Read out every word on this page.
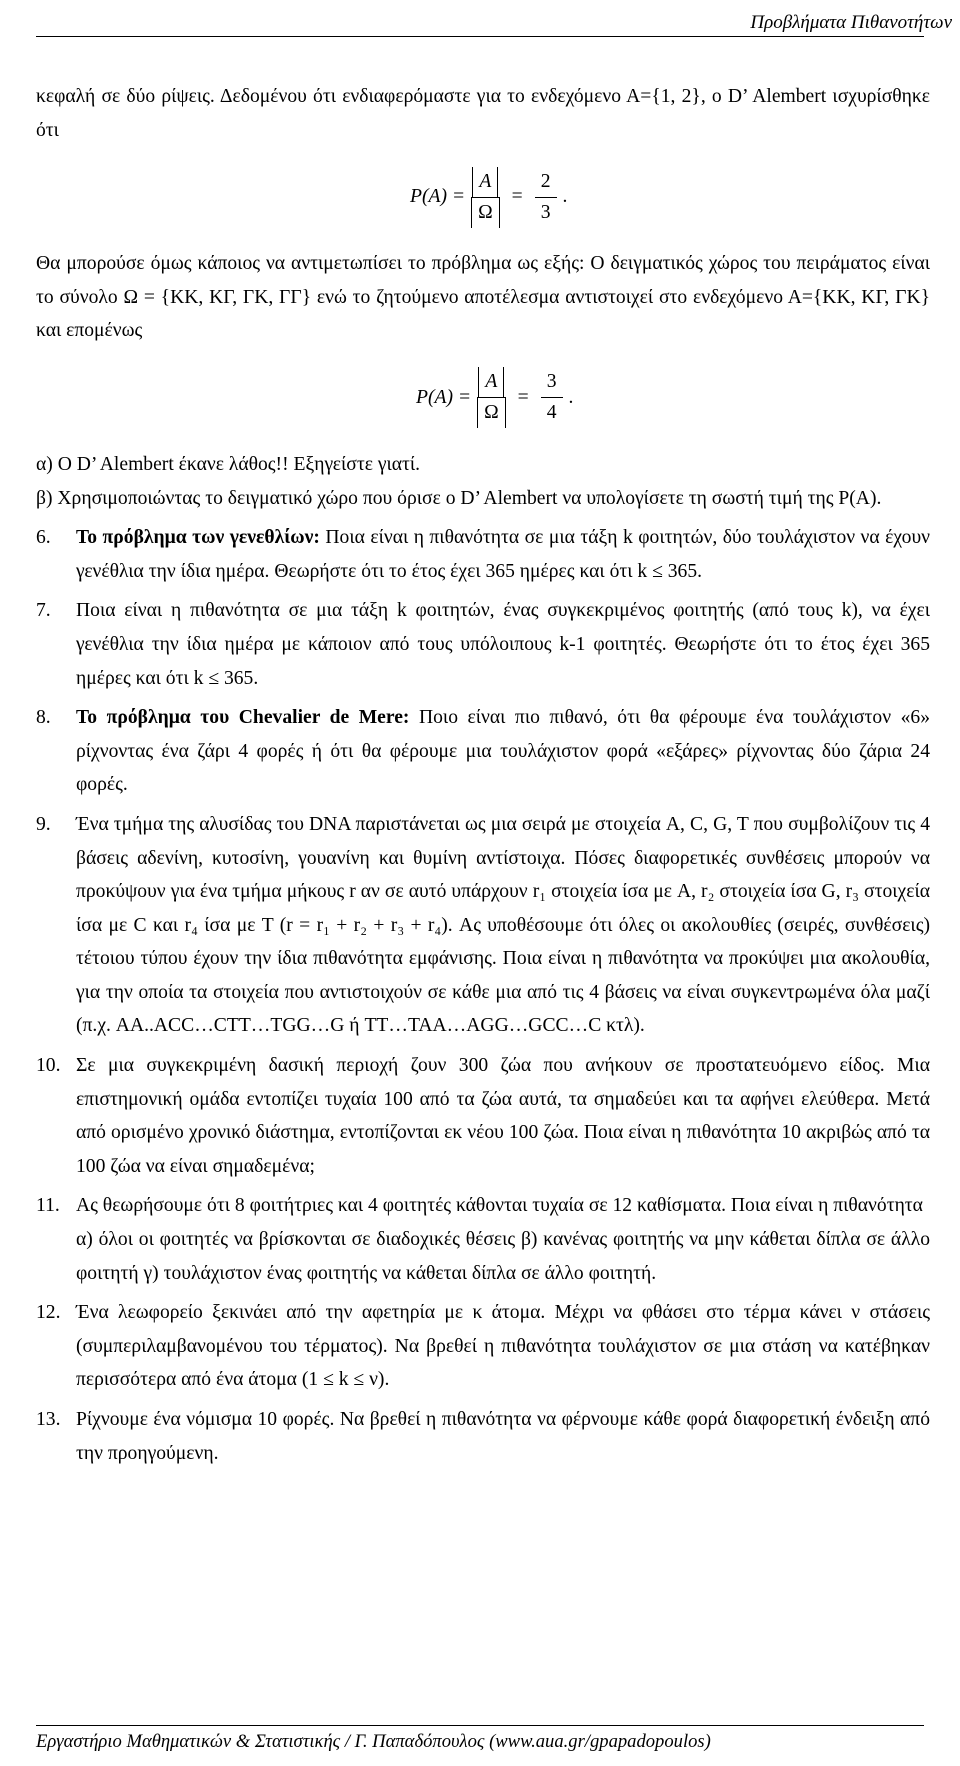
Προβλήματα Πιθανοτήτων

κεφαλή σε δύο ρίψεις. Δεδομένου ότι ενδιαφερόμαστε για το ενδεχόμενο Α={1, 2}, ο D’ Alembert ισχυρίσθηκε ότι

$P(A) = \frac{A}{\Omega} = \frac{2}{3}$ .

Θα μπορούσε όμως κάποιος να αντιμετωπίσει το πρόβλημα ως εξής: Ο δειγματικός χώρος του πειράματος είναι το σύνολο Ω = {ΚΚ, ΚΓ, ΓΚ, ΓΓ} ενώ το ζητούμενο αποτέλεσμα αντιστοιχεί στο ενδεχόμενο Α={ΚΚ, ΚΓ, ΓΚ} και επομένως

$P(A) = \frac{A}{\Omega} = \frac{3}{4}$ .

α) Ο D’ Alembert έκανε λάθος!! Εξηγείστε γιατί.

β) Χρησιμοποιώντας το δειγματικό χώρο που όρισε ο D’ Alembert να υπολογίσετε τη σωστή τιμή της P(A).

6.	Το πρόβλημα των γενεθλίων: Ποια είναι η πιθανότητα σε μια τάξη k φοιτητών, δύο τουλάχιστον να έχουν γενέθλια την ίδια ημέρα. Θεωρήστε ότι το έτος έχει 365 ημέρες και ότι k ≤ 365.

7.	Ποια είναι η πιθανότητα σε μια τάξη k φοιτητών, ένας συγκεκριμένος φοιτητής (από τους k), να έχει γενέθλια την ίδια ημέρα με κάποιον από τους υπόλοιπους k-1 φοιτητές. Θεωρήστε ότι το έτος έχει 365 ημέρες και ότι k ≤ 365.

8.	Το πρόβλημα του Chevalier de Mere: Ποιο είναι πιο πιθανό, ότι θα φέρουμε ένα τουλάχιστον «6» ρίχνοντας ένα ζάρι 4 φορές ή ότι θα φέρουμε μια τουλάχιστον φορά «εξάρες» ρίχνοντας δύο ζάρια 24 φορές.

9.	Ένα τμήμα της αλυσίδας του DNA παριστάνεται ως μια σειρά με στοιχεία A, C, G, T που συμβολίζουν τις 4 βάσεις αδενίνη, κυτοσίνη, γουανίνη και θυμίνη αντίστοιχα. Πόσες διαφορετικές συνθέσεις μπορούν να προκύψουν για ένα τμήμα μήκους r αν σε αυτό υπάρχουν r₁ στοιχεία ίσα με A, r₂ στοιχεία ίσα G, r₃ στοιχεία ίσα με C και r₄ ίσα με T (r = r₁ + r₂ + r₃ + r₄). Ας υποθέσουμε ότι όλες οι ακολουθίες (σειρές, συνθέσεις) τέτοιου τύπου έχουν την ίδια πιθανότητα εμφάνισης. Ποια είναι η πιθανότητα να προκύψει μια ακολουθία, για την οποία τα στοιχεία που αντιστοιχούν σε κάθε μια από τις 4 βάσεις να είναι συγκεντρωμένα όλα μαζί (π.χ. AA..ACC…CTT…TGG…G ή TT…TAA…AGG…GCC…C κτλ).

10. Σε μια συγκεκριμένη δασική περιοχή ζουν 300 ζώα που ανήκουν σε προστατευόμενο είδος. Μια επιστημονική ομάδα εντοπίζει τυχαία 100 από τα ζώα αυτά, τα σημαδεύει και τα αφήνει ελεύθερα. Μετά από ορισμένο χρονικό διάστημα, εντοπίζονται εκ νέου 100 ζώα. Ποια είναι η πιθανότητα 10 ακριβώς από τα 100 ζώα να είναι σημαδεμένα;

11. Ας θεωρήσουμε ότι 8 φοιτήτριες και 4 φοιτητές κάθονται τυχαία σε 12 καθίσματα. Ποια είναι η πιθανότητα

α) όλοι οι φοιτητές να βρίσκονται σε διαδοχικές θέσεις β) κανένας φοιτητής να μην κάθεται δίπλα σε άλλο φοιτητή γ) τουλάχιστον ένας φοιτητής να κάθεται δίπλα σε άλλο φοιτητή.

12. Ένα λεωφορείο ξεκινάει από την αφετηρία με κ άτομα. Μέχρι να φθάσει στο τέρμα κάνει ν στάσεις (συμπεριλαμβανομένου του τέρματος). Να βρεθεί η πιθανότητα τουλάχιστον σε μια στάση να κατέβηκαν περισσότερα από ένα άτομα (1 ≤ k ≤ ν).

13. Ρίχνουμε ένα νόμισμα 10 φορές. Να βρεθεί η πιθανότητα να φέρνουμε κάθε φορά διαφορετική ένδειξη από την προηγούμενη.

Εργαστήριο Μαθηματικών & Στατιστικής / Γ. Παπαδόπουλος (www.aua.gr/gpapadopoulos)
